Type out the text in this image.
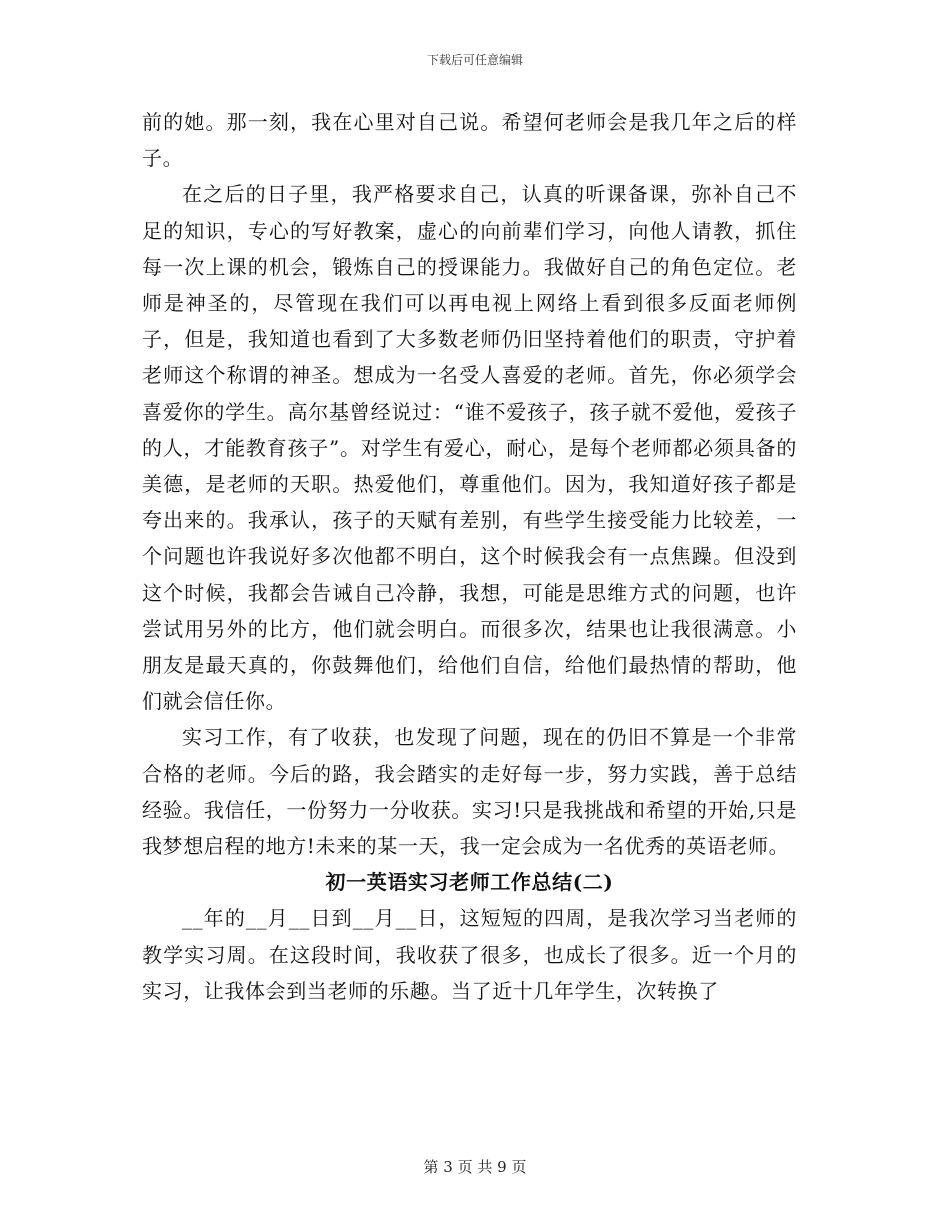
下载后可任意编辑

前的她。那一刻，我在心里对自己说。希望何老师会是我几年之后的样子。

在之后的日子里，我严格要求自己，认真的听课备课，弥补自己不足的知识，专心的写好教案，虚心的向前辈们学习，向他人请教，抓住每一次上课的机会，锻炼自己的授课能力。我做好自己的角色定位。老师是神圣的，尽管现在我们可以再电视上网络上看到很多反面老师例子，但是，我知道也看到了大多数老师仍旧坚持着他们的职责，守护着老师这个称谓的神圣。想成为一名受人喜爱的老师。首先，你必须学会喜爱你的学生。高尔基曾经说过：“谁不爱孩子，孩子就不爱他，爱孩子的人，才能教育孩子”。对学生有爱心，耐心，是每个老师都必须具备的美德，是老师的天职。热爱他们，尊重他们。因为，我知道好孩子都是夸出来的。我承认，孩子的天赋有差别，有些学生接受能力比较差，一个问题也许我说好多次他都不明白，这个时候我会有一点焦躁。但没到这个时候，我都会告诫自己冷静，我想，可能是思维方式的问题，也许尝试用另外的比方，他们就会明白。而很多次，结果也让我很满意。小朋友是最天真的，你鼓舞他们，给他们自信，给他们最热情的帮助，他们就会信任你。

实习工作，有了收获，也发现了问题，现在的仍旧不算是一个非常合格的老师。今后的路，我会踏实的走好每一步，努力实践，善于总结经验。我信任，一份努力一分收获。实习!只是我挑战和希望的开始,只是我梦想启程的地方!未来的某一天，我一定会成为一名优秀的英语老师。

初一英语实习老师工作总结(二)

__年的__月__日到__月__日，这短短的四周，是我次学习当老师的教学实习周。在这段时间，我收获了很多，也成长了很多。近一个月的实习，让我体会到当老师的乐趣。当了近十几年学生，次转换了

第 3 页 共 9 页
